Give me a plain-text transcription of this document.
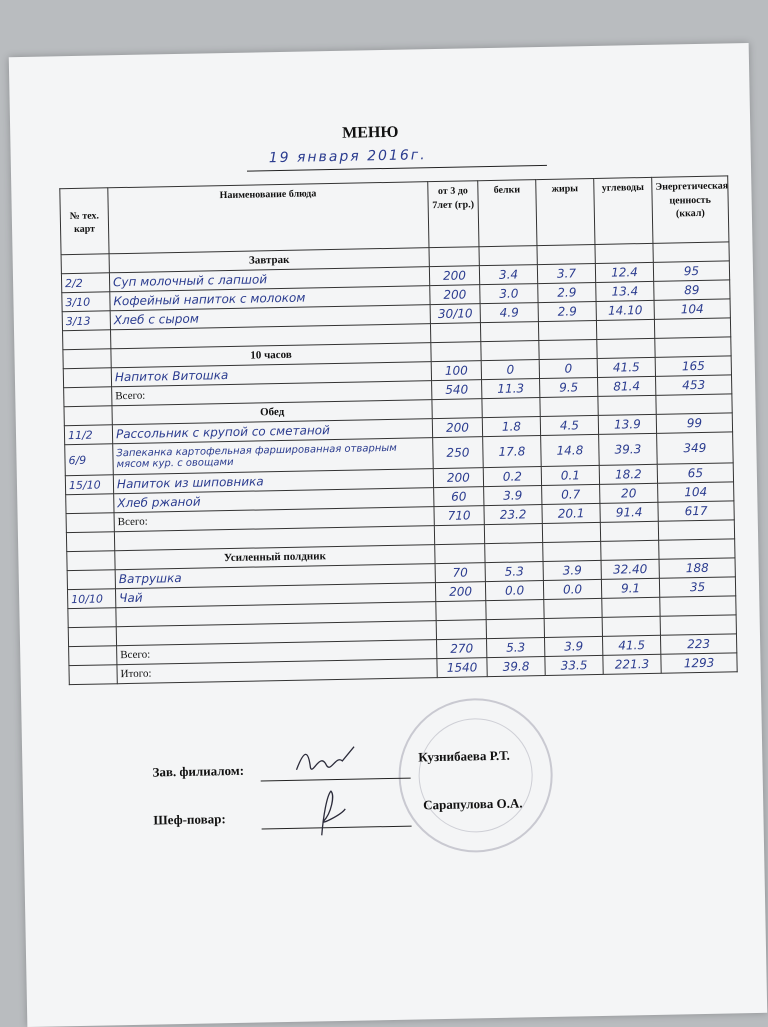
МЕНЮ
19 января 2016г.
№ тех. карт	Наименование блюда	от 3 до 7лет (гр.)	белки	жиры	углеводы	Энергетическая ценность (ккал)
	Завтрак					
2/2	Суп молочный с лапшой	200	3.4	3.7	12.4	95
3/10	Кофейный напиток с молоком	200	3.0	2.9	13.4	89
3/13	Хлеб с сыром	30/10	4.9	2.9	14.10	104

	10 часов					
	Напиток Витошка	100	0	0	41.5	165
	Всего:	540	11.3	9.5	81.4	453
	Обед					
11/2	Рассольник с крупой со сметаной	200	1.8	4.5	13.9	99
6/9	Запеканка картофельная фаршированная отварным мясом кур. с овощами	250	17.8	14.8	39.3	349
15/10	Напиток из шиповника	200	0.2	0.1	18.2	65
	Хлеб ржаной	60	3.9	0.7	20	104
	Всего:	710	23.2	20.1	91.4	617

	Усиленный полдник					
	Ватрушка	70	5.3	3.9	32.40	188
10/10	Чай	200	0.0	0.0	9.1	35

	Всего:	270	5.3	3.9	41.5	223
	Итого:	1540	39.8	33.5	221.3	1293
Зав. филиалом:
Кузнибаева Р.Т.
Шеф-повар:
Сарапулова О.А.
